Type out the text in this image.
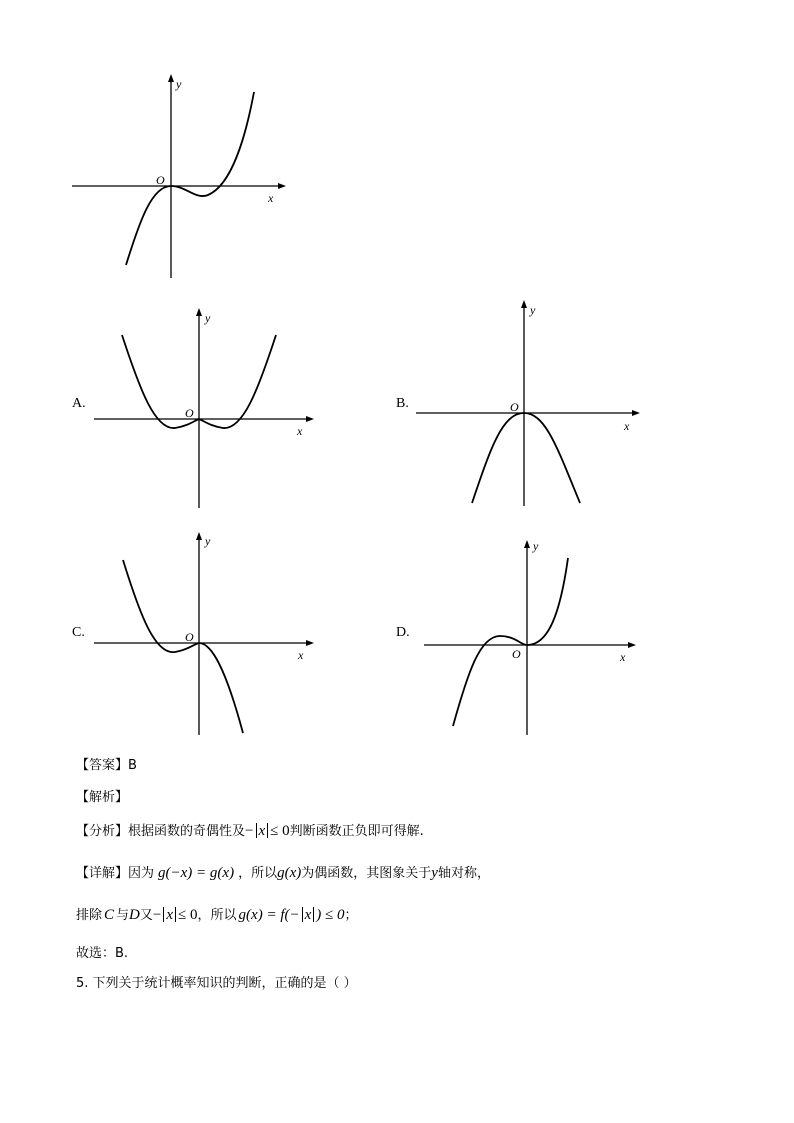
y
x
O
y
x
O
y
x
O
y
x
O
y
x
O
A.	B.
C.	D.
【答案】B
【解析】
【分析】根据函数的奇偶性及− x ≤ 0判断函数正负即可得解.
【详解】因为 g(−x) = g(x) ，所以g(x)为偶函数，其图象关于y轴对称，
排除 C 与D又− x ≤ 0，所以 g(x) = f(− x ) ≤ 0；
故选：B.
5. 下列关于统计概率知识的判断，正确的是（ ）
